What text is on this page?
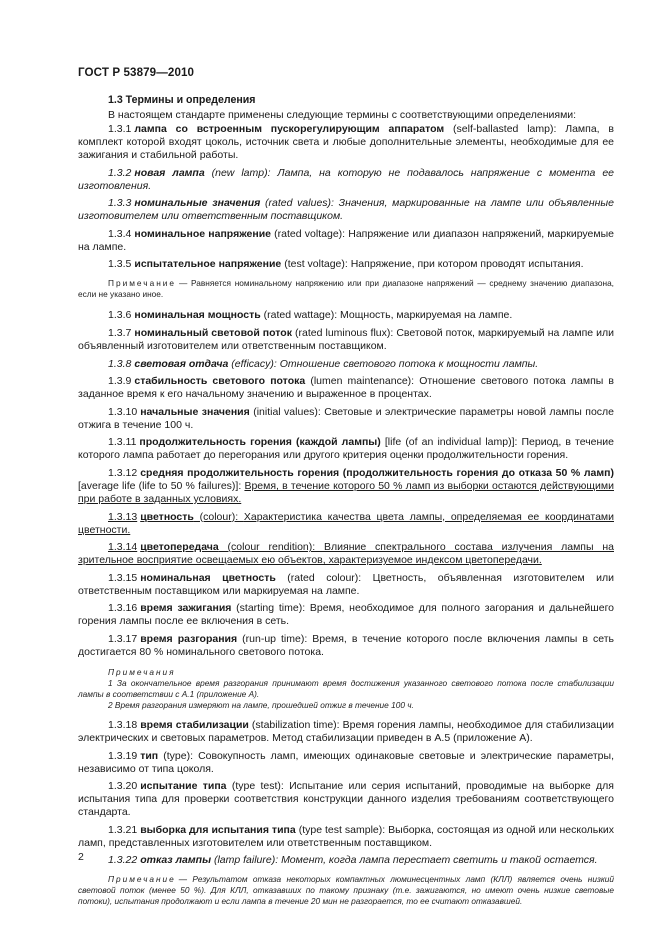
ГОСТ Р 53879—2010
1.3 Термины и определения
В настоящем стандарте применены следующие термины с соответствующими определениями:
1.3.1 лампа со встроенным пускорегулирующим аппаратом (self-ballasted lamp): Лампа, в комплект которой входят цоколь, источник света и любые дополнительные элементы, необходимые для ее зажигания и стабильной работы.
1.3.2 новая лампа (new lamp): Лампа, на которую не подавалось напряжение с момента ее изготовления.
1.3.3 номинальные значения (rated values): Значения, маркированные на лампе или объявленные изготовителем или ответственным поставщиком.
1.3.4 номинальное напряжение (rated voltage): Напряжение или диапазон напряжений, маркируемые на лампе.
1.3.5 испытательное напряжение (test voltage): Напряжение, при котором проводят испытания.
Примечание — Равняется номинальному напряжению или при диапазоне напряжений — среднему значению диапазона, если не указано иное.
1.3.6 номинальная мощность (rated wattage): Мощность, маркируемая на лампе.
1.3.7 номинальный световой поток (rated luminous flux): Световой поток, маркируемый на лампе или объявленный изготовителем или ответственным поставщиком.
1.3.8 световая отдача (efficacy): Отношение светового потока к мощности лампы.
1.3.9 стабильность светового потока (lumen maintenance): Отношение светового потока лампы в заданное время к его начальному значению и выраженное в процентах.
1.3.10 начальные значения (initial values): Световые и электрические параметры новой лампы после отжига в течение 100 ч.
1.3.11 продолжительность горения (каждой лампы) [life (of an individual lamp)]: Период, в течение которого лампа работает до перегорания или другого критерия оценки продолжительности горения.
1.3.12 средняя продолжительность горения (продолжительность горения до отказа 50 % ламп) [average life (life to 50 % failures)]: Время, в течение которого 50 % ламп из выборки остаются действующими при работе в заданных условиях.
1.3.13 цветность (colour): Характеристика качества цвета лампы, определяемая ее координатами цветности.
1.3.14 цветопередача (colour rendition): Влияние спектрального состава излучения лампы на зрительное восприятие освещаемых ею объектов, характеризуемое индексом цветопередачи.
1.3.15 номинальная цветность (rated colour): Цветность, объявленная изготовителем или ответственным поставщиком или маркируемая на лампе.
1.3.16 время зажигания (starting time): Время, необходимое для полного загорания и дальнейшего горения лампы после ее включения в сеть.
1.3.17 время разгорания (run-up time): Время, в течение которого после включения лампы в сеть достигается 80 % номинального светового потока.
Примечания
1 За окончательное время разгорания принимают время достижения указанного светового потока после стабилизации лампы в соответствии с А.1 (приложение А).
2 Время разгорания измеряют на лампе, прошедшей отжиг в течение 100 ч.
1.3.18 время стабилизации (stabilization time): Время горения лампы, необходимое для стабилизации электрических и световых параметров. Метод стабилизации приведен в А.5 (приложение А).
1.3.19 тип (type): Совокупность ламп, имеющих одинаковые световые и электрические параметры, независимо от типа цоколя.
1.3.20 испытание типа (type test): Испытание или серия испытаний, проводимые на выборке для испытания типа для проверки соответствия конструкции данного изделия требованиям соответствующего стандарта.
1.3.21 выборка для испытания типа (type test sample): Выборка, состоящая из одной или нескольких ламп, представленных изготовителем или ответственным поставщиком.
1.3.22 отказ лампы (lamp failure): Момент, когда лампа перестает светить и такой остается.
Примечание — Результатом отказа некоторых компактных люминесцентных ламп (КЛЛ) является очень низкий световой поток (менее 50 %). Для КЛЛ, отказавших по такому признаку (т.е. зажигаются, но имеют очень низкие световые потоки), испытания продолжают и если лампа в течение 20 мин не разгорается, то ее считают отказавшей.
2
